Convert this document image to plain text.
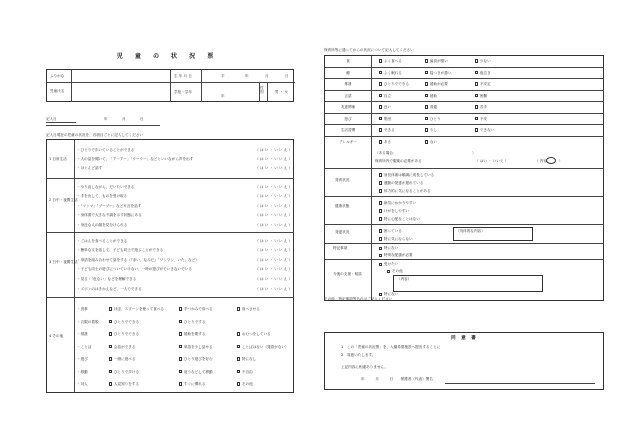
児 童 の 状 況 票
ふりがな
児童氏名
生 年 月 日	平	年	月	日
学校・学年
年
性別	男 ・ 女
記入日	年	月	日
記入日現在の児童の状況を、各項目ごとに記入してください
1 日常生活
・ひとりで歩いていることができる	（ は い ・ い い え ）
・人の話を聞いて、「アーアー」「ウーウー」などといいながら声を出す	（ は い ・ い い え ）
・ほとんど話す	（ は い ・ い い え ）
2 日中・夜間生活
・やり直しながら、だいたいできる	（ は い ・ い い え ）
・手を出して、ものを受け取る	（ は い ・ い い え ）
・「マンマ」「ブーブー」など片言を話す	（ は い ・ い い え ）
・身体面で大きな不調を示す状態にある	（ は い ・ い い え ）
・身近な人の顔を見分けられる	（ は い ・ い い え ）
3 日中・夜間生活
・ごはんを食べることができる	（ は い ・ い い え ）
・簡単な文を話して、子ども同士で遊ぶことができる	（ は い ・ い い え ）
・単語を組み合わせて話をする（『赤い、なみだ』「ワンワン、いた」など）	（ は い ・ い い え ）
・子ども同士の遊びについていけない、一時の遊びがでいきないでいる	（ は い ・ い い え ）
・見る・「危ない」などを理解できる	（ は い ・ い い え ）
・ズボンのはきかえなど、一人でできる	（ は い ・ い い え ）
4 その他
・食事	ほぼ、スプーンを使って食べる	手づかみで食べる	食べさせる
・衣服の着脱	ひとりでできる	ひとりでする
・排泄	ひとりでできる	援助を要する	おむつをしている
・ことば	会話ができる	単語を少し話せる	ことばはない（発語がない）
・遊び	一緒に遊べる	ひとり遊びを好む	特になし
・移動	ひとりで歩ける	這うなどして移動	不自由
・対人	人見知りをする	すぐに慣れる	その他
保育所等に通ってからの状況について記入してください
食	よく食べる	偏食が強い	少ない
睡	よく眠れる	寝つきが悪い	夜泣き
排泄	ひとりでできる	援助が必要	不安定
言語	自立	援助	困難
友達関係	良い	普通	苦手
遊び	集団	ひとり	不安
生活習慣	できる	少し	できない
アレルギー	ある	ない
（ある場合：　　　　　　　　　　　　　　　　　　　　　）
保育所内で服薬の必要がある	（ はい ・ いいえ ）	（ 内容：　　 ）
発育状況
身長体重は順調に成長している
運動の発達が遅れている
体力的に気になることがある
健康状態
病気にかかりやすい
けがをしやすい
特に心配なことはない
発達状況	困っている
特に気にならない
（具体的な内容）
特記事項	特にない
特別な配慮が必要
今後の支援・相談
受けたい
その他
（内容）
特にない
その他、特記事項等あればご記入ください
同 意 書
1　この「児童の状況票」を、入園希望施設へ提出することに
2　同意いたします。
上記内容に相違ありません。
年　　　月　　　日　　保護者（代表）署名
